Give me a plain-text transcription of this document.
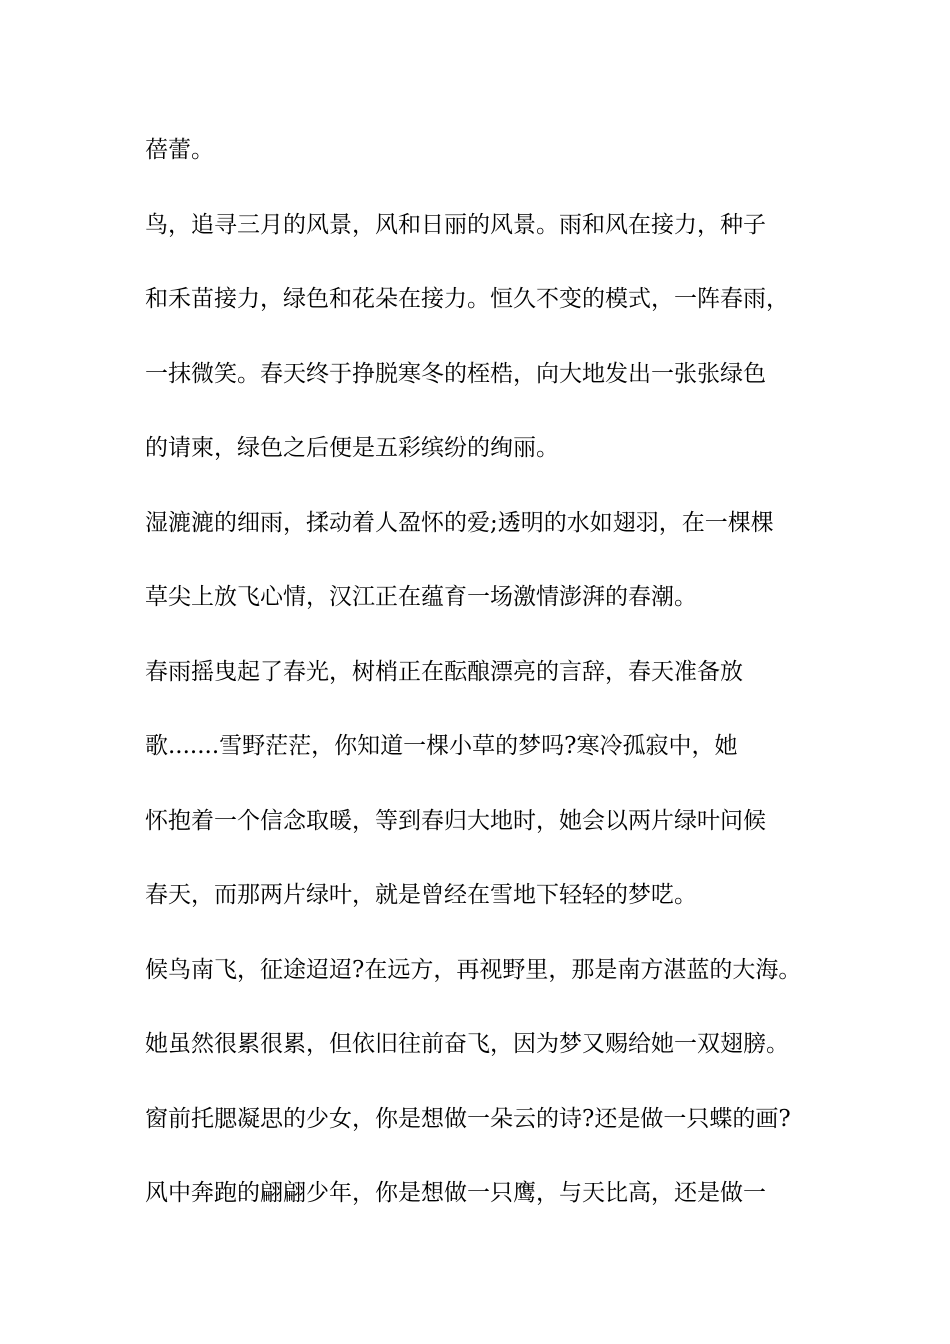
蓓蕾。
鸟，追寻三月的风景，风和日丽的风景。雨和风在接力，种子
和禾苗接力，绿色和花朵在接力。恒久不变的模式，一阵春雨，
一抹微笑。春天终于挣脱寒冬的桎梏，向大地发出一张张绿色
的请柬，绿色之后便是五彩缤纷的绚丽。
湿漉漉的细雨，揉动着人盈怀的爱;透明的水如翅羽，在一棵棵
草尖上放飞心情，汉江正在蕴育一场激情澎湃的春潮。
春雨摇曳起了春光，树梢正在酝酿漂亮的言辞，春天准备放
歌.......雪野茫茫，你知道一棵小草的梦吗?寒冷孤寂中，她
怀抱着一个信念取暖，等到春归大地时，她会以两片绿叶问候
春天，而那两片绿叶，就是曾经在雪地下轻轻的梦呓。
候鸟南飞，征途迢迢?在远方，再视野里，那是南方湛蓝的大海。
她虽然很累很累，但依旧往前奋飞，因为梦又赐给她一双翅膀。
窗前托腮凝思的少女，你是想做一朵云的诗?还是做一只蝶的画?
风中奔跑的翩翩少年，你是想做一只鹰，与天比高，还是做一
